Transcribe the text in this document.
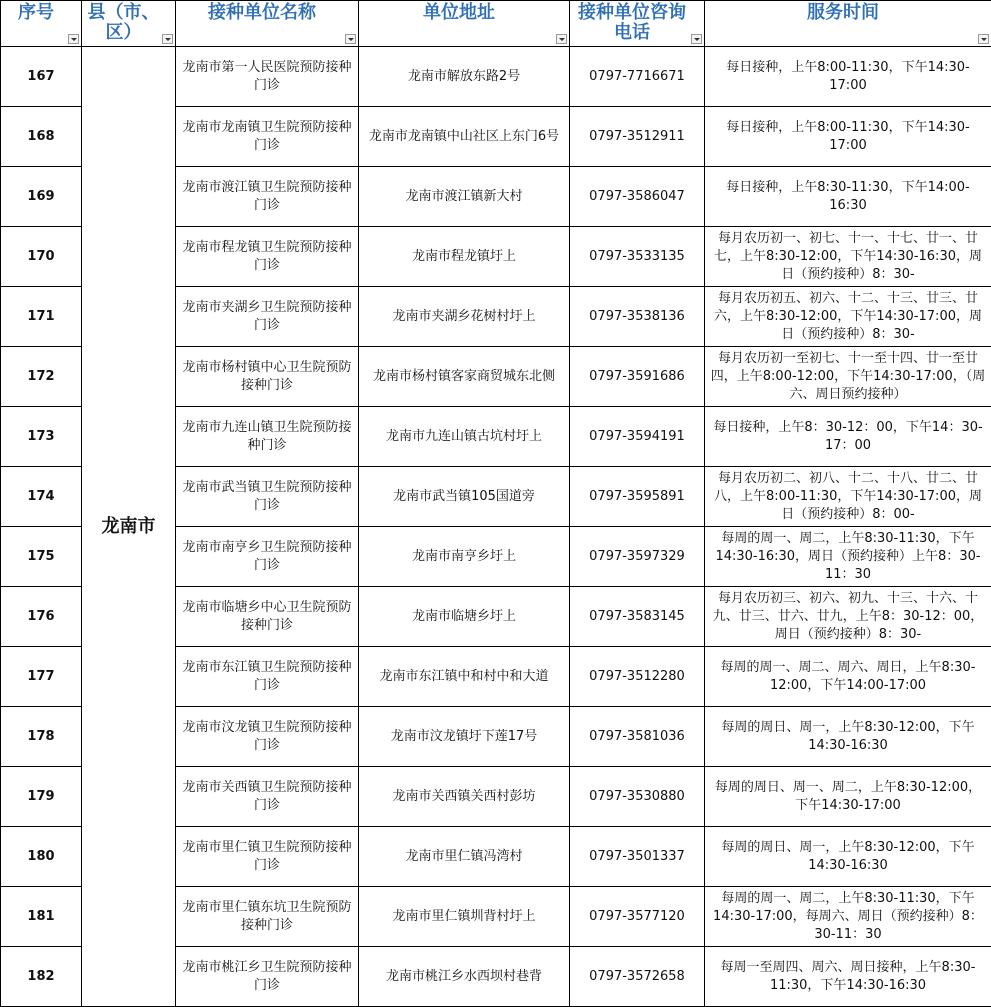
序号	县（市、区）	接种单位名称	单位地址	接种单位咨询电话	服务时间

167	龙南市	龙南市第一人民医院预防接种门诊	龙南市解放东路2号	0797-7716671	每日接种，上午8:00-11:30，下午14:30-17:00

168		龙南市龙南镇卫生院预防接种门诊	龙南市龙南镇中山社区上东门6号	0797-3512911	每日接种，上午8:00-11:30，下午14:30-17:00

169		龙南市渡江镇卫生院预防接种门诊	龙南市渡江镇新大村	0797-3586047	每日接种，上午8:30-11:30，下午14:00-16:30

170		龙南市程龙镇卫生院预防接种门诊	龙南市程龙镇圩上	0797-3533135	每月农历初一、初七、十一、十七、廿一、廿七，上午8:30-12:00，下午14:30-16:30，周日（预约接种）8：30-

171		龙南市夹湖乡卫生院预防接种门诊	龙南市夹湖乡花树村圩上	0797-3538136	每月农历初五、初六、十二、十三、廿三、廿六，上午8:30-12:00，下午14:30-17:00，周日（预约接种）8：30-

172		龙南市杨村镇中心卫生院预防接种门诊	龙南市杨村镇客家商贸城东北侧	0797-3591686	每月农历初一至初七、十一至十四、廿一至廿四，上午8:00-12:00，下午14:30-17:00，（周六、周日预约接种）

173		龙南市九连山镇卫生院预防接种门诊	龙南市九连山镇古坑村圩上	0797-3594191	每日接种，上午8：30-12：00，下午14：30-17：00

174		龙南市武当镇卫生院预防接种门诊	龙南市武当镇105国道旁	0797-3595891	每月农历初二、初八、十二、十八、廿二、廿八，上午8:00-11:30，下午14:30-17:00，周日（预约接种）8：00-

175		龙南市南亨乡卫生院预防接种门诊	龙南市南亨乡圩上	0797-3597329	每周的周一、周二，上午8:30-11:30，下午14:30-16:30，周日（预约接种）上午8：30-11：30

176		龙南市临塘乡中心卫生院预防接种门诊	龙南市临塘乡圩上	0797-3583145	每月农历初三、初六、初九、十三、十六、十九、廿三、廿六、廿九，上午8：30-12：00，周日（预约接种）8：30-

177		龙南市东江镇卫生院预防接种门诊	龙南市东江镇中和村中和大道	0797-3512280	每周的周一、周二、周六、周日，上午8:30-12:00，下午14:00-17:00

178		龙南市汶龙镇卫生院预防接种门诊	龙南市汶龙镇圩下莲17号	0797-3581036	每周的周日、周一，上午8:30-12:00，下午14:30-16:30

179		龙南市关西镇卫生院预防接种门诊	龙南市关西镇关西村彭坊	0797-3530880	每周的周日、周一、周二，上午8:30-12:00，下午14:30-17:00

180		龙南市里仁镇卫生院预防接种门诊	龙南市里仁镇冯湾村	0797-3501337	每周的周日、周一，上午8:30-12:00，下午14:30-16:30

181		龙南市里仁镇东坑卫生院预防接种门诊	龙南市里仁镇圳背村圩上	0797-3577120	每周的周一、周二，上午8:30-11:30，下午14:30-17:00，每周六、周日（预约接种）8：30-11：30

182		龙南市桃江乡卫生院预防接种门诊	龙南市桃江乡水西坝村巷背	0797-3572658	每周一至周四、周六、周日接种，上午8:30-11:30，下午14:30-16:30
